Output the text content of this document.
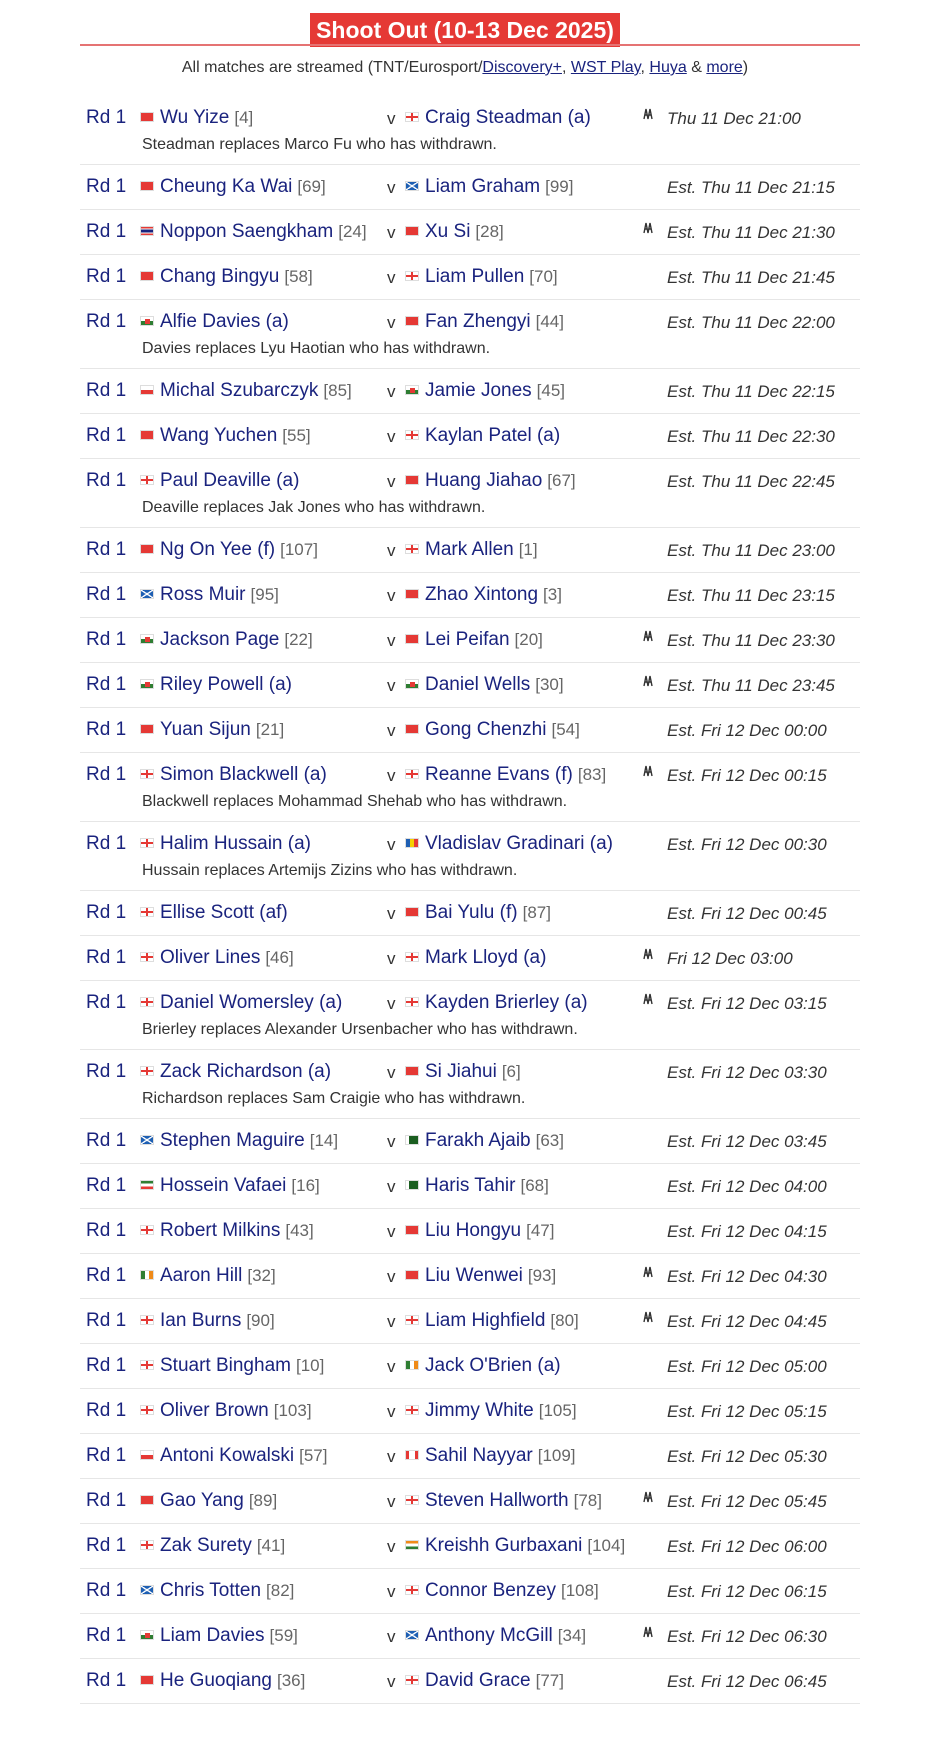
Shoot Out (10-13 Dec 2025)
All matches are streamed (TNT/Eurosport/Discovery+, WST Play, Huya & more)
Rd 1	Wu Yize [4]	v	Craig Steadman (a)	Thu 11 Dec 21:00
Steadman replaces Marco Fu who has withdrawn.
Rd 1	Cheung Ka Wai [69]	v	Liam Graham [99]	Est. Thu 11 Dec 21:15
Rd 1	Noppon Saengkham [24] v	Xu Si [28]	Est. Thu 11 Dec 21:30
Rd 1	Chang Bingyu [58]	v	Liam Pullen [70]	Est. Thu 11 Dec 21:45
Rd 1	Alfie Davies (a)	v	Fan Zhengyi [44]	Est. Thu 11 Dec 22:00
Davies replaces Lyu Haotian who has withdrawn.
Rd 1	Michal Szubarczyk [85] v	Jamie Jones [45]	Est. Thu 11 Dec 22:15
Rd 1	Wang Yuchen [55]	v	Kaylan Patel (a)	Est. Thu 11 Dec 22:30
Rd 1	Paul Deaville (a)	v	Huang Jiahao [67]	Est. Thu 11 Dec 22:45
Deaville replaces Jak Jones who has withdrawn.
Rd 1	Ng On Yee (f) [107]	v	Mark Allen [1]	Est. Thu 11 Dec 23:00
Rd 1	Ross Muir [95]	v	Zhao Xintong [3]	Est. Thu 11 Dec 23:15
Rd 1	Jackson Page [22]	v	Lei Peifan [20]	Est. Thu 11 Dec 23:30
Rd 1	Riley Powell (a)	v	Daniel Wells [30]	Est. Thu 11 Dec 23:45
Rd 1	Yuan Sijun [21]	v	Gong Chenzhi [54]	Est. Fri 12 Dec 00:00
Rd 1	Simon Blackwell (a)	v	Reanne Evans (f) [83]	Est. Fri 12 Dec 00:15
Blackwell replaces Mohammad Shehab who has withdrawn.
Rd 1	Halim Hussain (a)	v	Vladislav Gradinari (a)	Est. Fri 12 Dec 00:30
Hussain replaces Artemijs Zizins who has withdrawn.
Rd 1	Ellise Scott (af)	v	Bai Yulu (f) [87]	Est. Fri 12 Dec 00:45
Rd 1	Oliver Lines [46]	v	Mark Lloyd (a)	Fri 12 Dec 03:00
Rd 1	Daniel Womersley (a)	v	Kayden Brierley (a)	Est. Fri 12 Dec 03:15
Brierley replaces Alexander Ursenbacher who has withdrawn.
Rd 1	Zack Richardson (a)	v	Si Jiahui [6]	Est. Fri 12 Dec 03:30
Richardson replaces Sam Craigie who has withdrawn.
Rd 1	Stephen Maguire [14]	v	Farakh Ajaib [63]	Est. Fri 12 Dec 03:45
Rd 1	Hossein Vafaei [16]	v	Haris Tahir [68]	Est. Fri 12 Dec 04:00
Rd 1	Robert Milkins [43]	v	Liu Hongyu [47]	Est. Fri 12 Dec 04:15
Rd 1	Aaron Hill [32]	v	Liu Wenwei [93]	Est. Fri 12 Dec 04:30
Rd 1	Ian Burns [90]	v	Liam Highfield [80]	Est. Fri 12 Dec 04:45
Rd 1	Stuart Bingham [10]	v	Jack O'Brien (a)	Est. Fri 12 Dec 05:00
Rd 1	Oliver Brown [103]	v	Jimmy White [105]	Est. Fri 12 Dec 05:15
Rd 1	Antoni Kowalski [57]	v	Sahil Nayyar [109]	Est. Fri 12 Dec 05:30
Rd 1	Gao Yang [89]	v	Steven Hallworth [78]	Est. Fri 12 Dec 05:45
Rd 1	Zak Surety [41]	v	Kreishh Gurbaxani [104] Est. Fri 12 Dec 06:00
Rd 1	Chris Totten [82]	v	Connor Benzey [108]	Est. Fri 12 Dec 06:15
Rd 1	Liam Davies [59]	v	Anthony McGill [34]	Est. Fri 12 Dec 06:30
Rd 1	He Guoqiang [36]	v	David Grace [77]	Est. Fri 12 Dec 06:45
